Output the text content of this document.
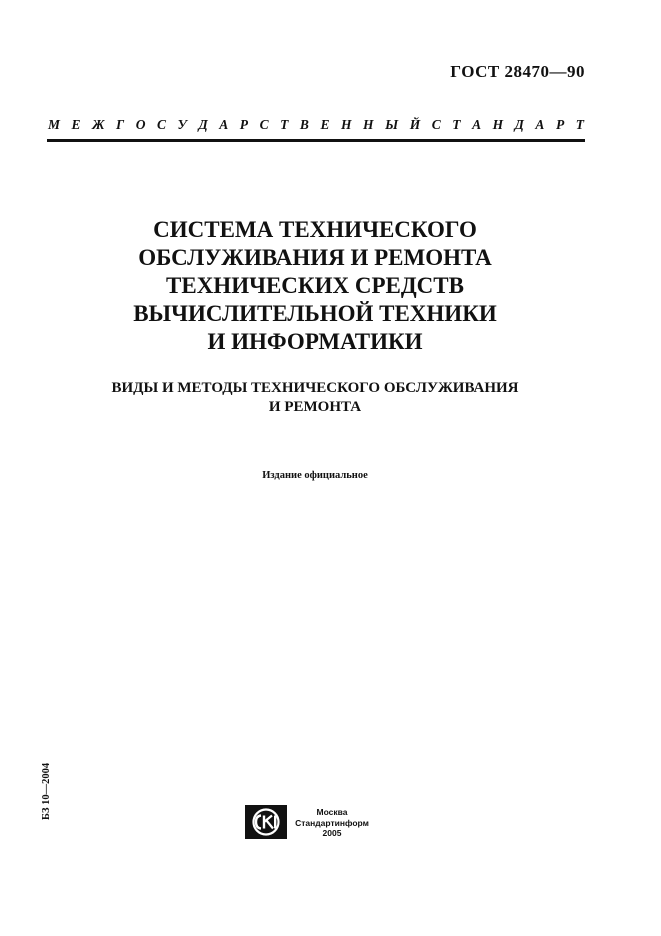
ГОСТ 28470—90
М Е Ж Г О С У Д А Р С Т В Е Н Н Ы Й С Т А Н Д А Р Т
СИСТЕМА ТЕХНИЧЕСКОГО
ОБСЛУЖИВАНИЯ И РЕМОНТА
ТЕХНИЧЕСКИХ СРЕДСТВ
ВЫЧИСЛИТЕЛЬНОЙ ТЕХНИКИ
И ИНФОРМАТИКИ
ВИДЫ И МЕТОДЫ ТЕХНИЧЕСКОГО ОБСЛУЖИВАНИЯ
И РЕМОНТА
Издание официальное
БЗ 10—2004	Москва
Стандартинформ
2005
